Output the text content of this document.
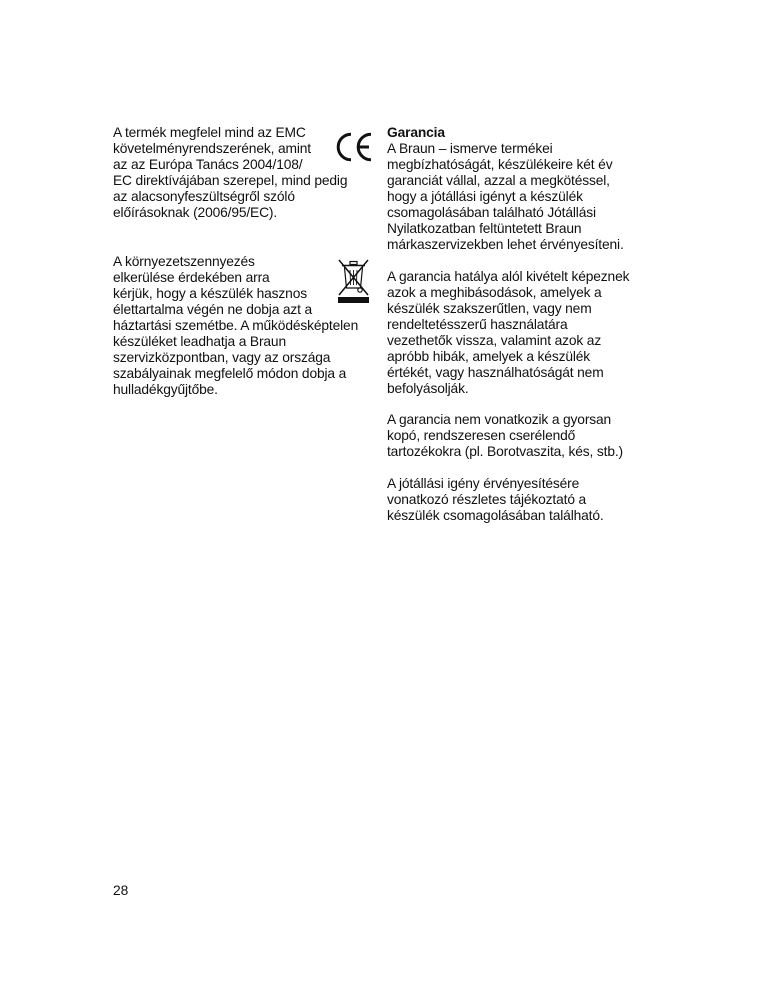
A termék megfelel mind az EMC
követelményrendszerének, amint
az az Európa Tanács 2004/108/
EC direktívájában szerepel, mind pedig
az alacsonyfeszültségről szóló
előírásoknak (2006/95/EC).
A környezetszennyezés
elkerülése érdekében arra
kérjük, hogy a készülék hasznos
élettartalma végén ne dobja azt a
háztartási szemétbe. A működésképtelen
készüléket leadhatja a Braun
szervizközpontban, vagy az országa
szabályainak megfelelő módon dobja a
hulladékgyűjtőbe.
Garancia
A Braun – ismerve termékei
megbízhatóságát, készülékeire két év
garanciát vállal, azzal a megkötéssel,
hogy a jótállási igényt a készülék
csomagolásában található Jótállási
Nyilatkozatban feltüntetett Braun
márkaszervizekben lehet érvényesíteni.
A garancia hatálya alól kivételt képeznek
azok a meghibásodások, amelyek a
készülék szakszerűtlen, vagy nem
rendeltetésszerű használatára
vezethetők vissza, valamint azok az
apróbb hibák, amelyek a készülék
értékét, vagy használhatóságát nem
befolyásolják.
A garancia nem vonatkozik a gyorsan
kopó, rendszeresen cserélendő
tartozékokra (pl. Borotvaszita, kés, stb.)
A jótállási igény érvényesítésére
vonatkozó részletes tájékoztató a
készülék csomagolásában található.
28
